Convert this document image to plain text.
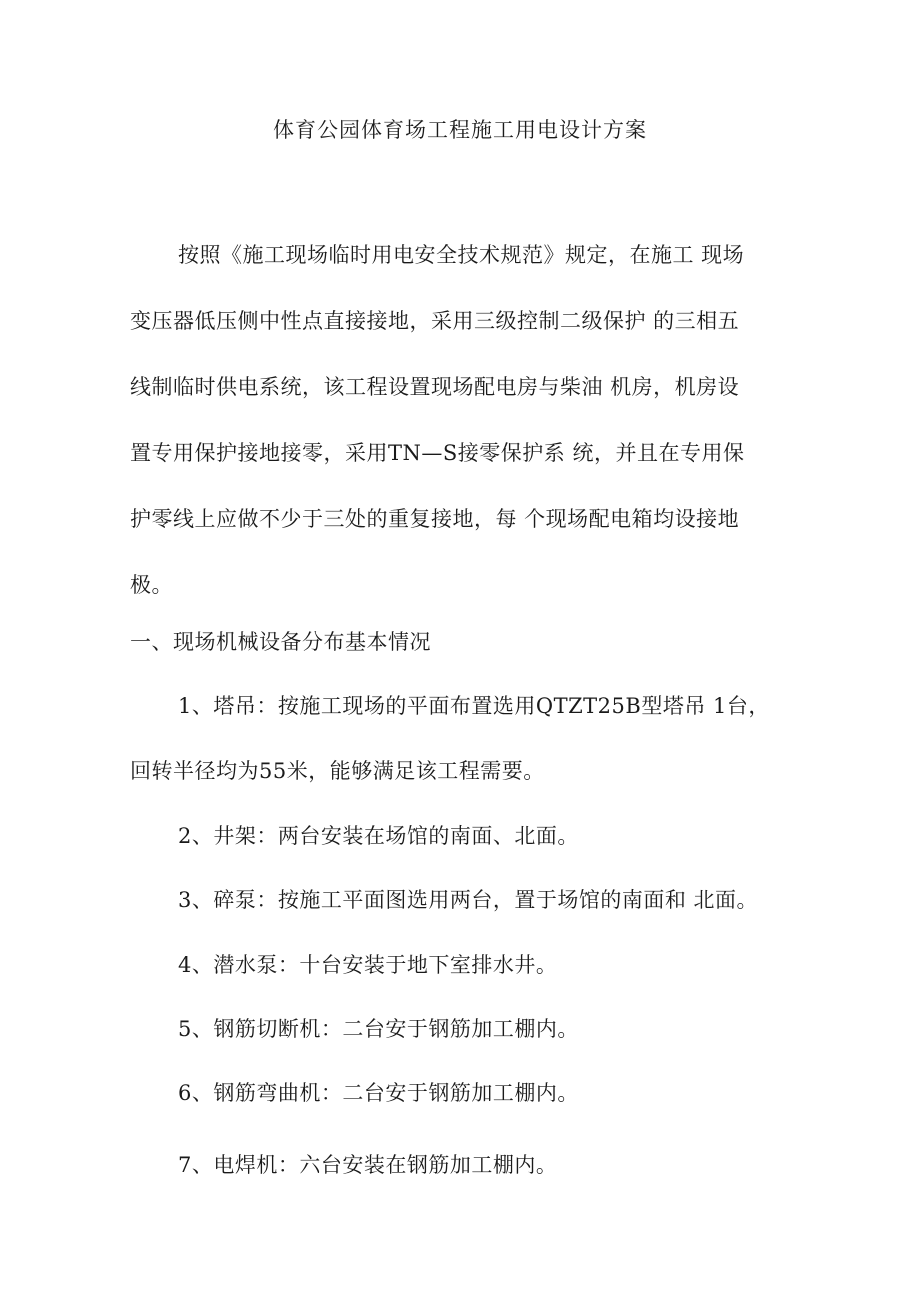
体育公园体育场工程施工用电设计方案
按照《施工现场临时用电安全技术规范》规定，在施工 现场
变压器低压侧中性点直接接地，采用三级控制二级保护 的三相五
线制临时供电系统，该工程设置现场配电房与柴油 机房，机房设
置专用保护接地接零，采用TN—S接零保护系 统，并且在专用保
护零线上应做不少于三处的重复接地，每 个现场配电箱均设接地
极。
一、现场机械设备分布基本情况
1、塔吊：按施工现场的平面布置选用QTZT25B型塔吊 1台，
回转半径均为55米，能够满足该工程需要。
2、井架：两台安装在场馆的南面、北面。
3、碎泵：按施工平面图选用两台，置于场馆的南面和 北面。
4、潜水泵：十台安装于地下室排水井。
5、钢筋切断机：二台安于钢筋加工棚内。
6、钢筋弯曲机：二台安于钢筋加工棚内。
7、电焊机：六台安装在钢筋加工棚内。
